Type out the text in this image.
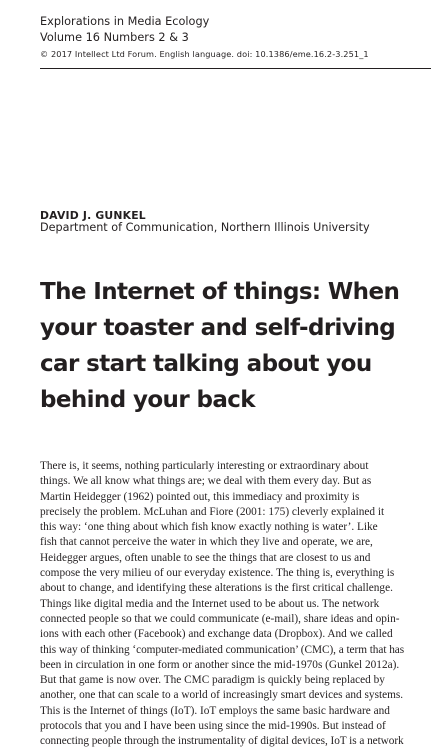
Explorations in Media Ecology
Volume 16 Numbers 2 & 3
© 2017 Intellect Ltd Forum. English language. doi: 10.1386/eme.16.2-3.251_1
DAVID J. GUNKEL
Department of Communication, Northern Illinois University
The Internet of things: When
your toaster and self-driving
car start talking about you
behind your back
There is, it seems, nothing particularly interesting or extraordinary about
things. We all know what things are; we deal with them every day. But as
Martin Heidegger (1962) pointed out, this immediacy and proximity is
precisely the problem. McLuhan and Fiore (2001: 175) cleverly explained it
this way: ‘one thing about which fish know exactly nothing is water’. Like
fish that cannot perceive the water in which they live and operate, we are,
Heidegger argues, often unable to see the things that are closest to us and
compose the very milieu of our everyday existence. The thing is, everything is
about to change, and identifying these alterations is the first critical challenge.
Things like digital media and the Internet used to be about us. The network
connected people so that we could communicate (e-mail), share ideas and opin-
ions with each other (Facebook) and exchange data (Dropbox). And we called
this way of thinking ‘computer-mediated communication’ (CMC), a term that has
been in circulation in one form or another since the mid-1970s (Gunkel 2012a).
But that game is now over. The CMC paradigm is quickly being replaced by
another, one that can scale to a world of increasingly smart devices and systems.
This is the Internet of things (IoT). IoT employs the same basic hardware and
protocols that you and I have been using since the mid-1990s. But instead of
connecting people through the instrumentality of digital devices, IoT is a network
